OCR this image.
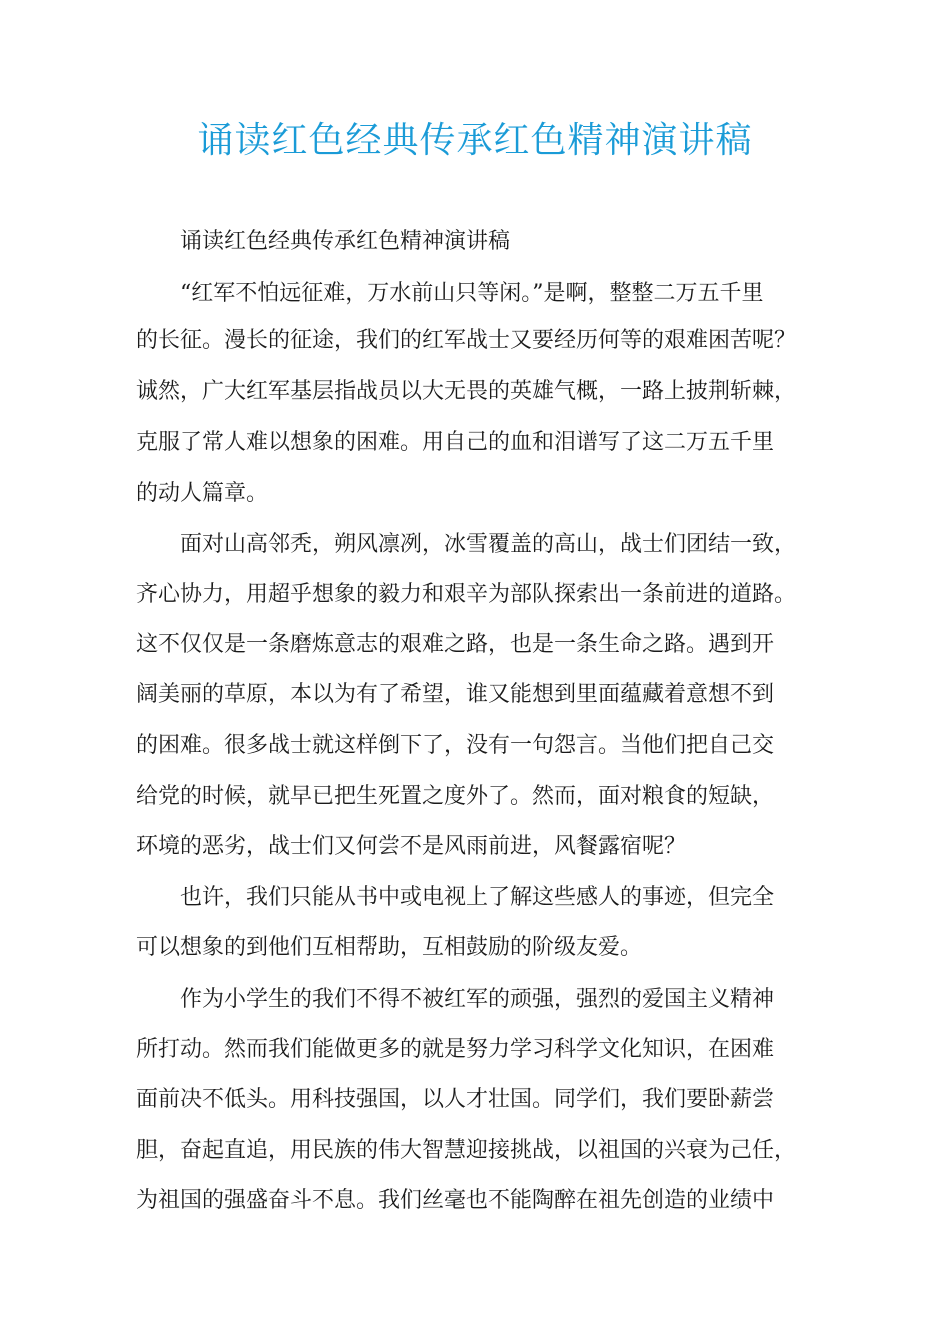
诵读红色经典传承红色精神演讲稿
诵读红色经典传承红色精神演讲稿
“红军不怕远征难，万水前山只等闲。”是啊，整整二万五千里
的长征。漫长的征途，我们的红军战士又要经历何等的艰难困苦呢？
诚然，广大红军基层指战员以大无畏的英雄气概，一路上披荆斩棘，
克服了常人难以想象的困难。用自己的血和泪谱写了这二万五千里
的动人篇章。
面对山高邻秃，朔风凛冽，冰雪覆盖的高山，战士们团结一致，
齐心协力，用超乎想象的毅力和艰辛为部队探索出一条前进的道路。
这不仅仅是一条磨炼意志的艰难之路，也是一条生命之路。遇到开
阔美丽的草原，本以为有了希望，谁又能想到里面蕴藏着意想不到
的困难。很多战士就这样倒下了，没有一句怨言。当他们把自己交
给党的时候，就早已把生死置之度外了。然而，面对粮食的短缺，
环境的恶劣，战士们又何尝不是风雨前进，风餐露宿呢？
也许，我们只能从书中或电视上了解这些感人的事迹，但完全
可以想象的到他们互相帮助，互相鼓励的阶级友爱。
作为小学生的我们不得不被红军的顽强，强烈的爱国主义精神
所打动。然而我们能做更多的就是努力学习科学文化知识，在困难
面前决不低头。用科技强国，以人才壮国。同学们，我们要卧薪尝
胆，奋起直追，用民族的伟大智慧迎接挑战，以祖国的兴衰为己任，
为祖国的强盛奋斗不息。我们丝毫也不能陶醉在祖先创造的业绩中
